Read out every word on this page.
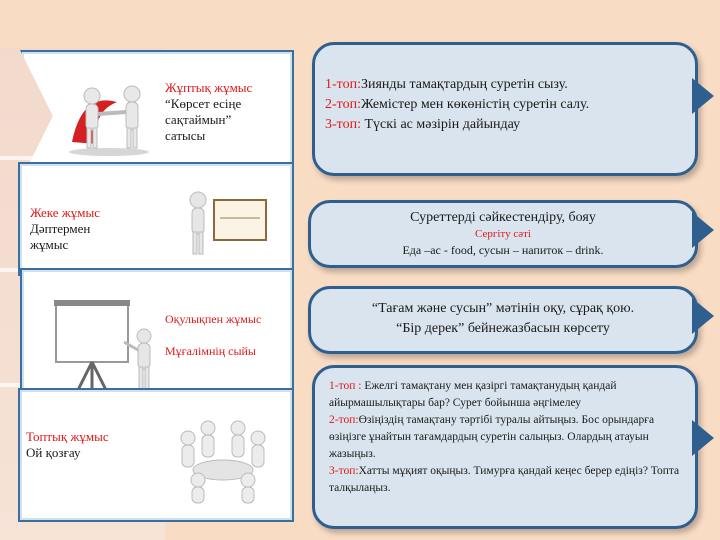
Жұптық жұмыс
“Көрсет есіңе
сақтаймын”
сатысы
Жеке жұмыс
Дәптермен
жұмыс
Оқулықпен жұмыс
Мұғалімнің сыйы
Топтық жұмыс
Ой қозғау

1-топ:Зиянды тамақтардың суретін сызу.

2-топ:Жемістер мен көкөністің суретін салу.

3-топ: Түскі ас мәзірін дайындау

Суреттерді сәйкестендіру, бояу
Сергіту сәті
Еда –ас - food, сусын – напиток – drink.
“Тағам және сусын” мәтінін оқу, сұрақ қою.
“Бір дерек” бейнежазбасын көрсету

1-топ : Ежелгі тамақтану мен қазіргі тамақтанудың қандай айырмашылықтары бар? Сурет бойынша әңгімелеу

2-топ:Өзіңіздің тамақтану тәртібі туралы айтыңыз. Бос орындарға өзіңізге ұнайтын тағамдардың суретін салыңыз. Олардың атауын жазыңыз.

3-топ:Хатты мұқият оқыңыз. Тимурға қандай кеңес берер едіңіз? Топта талқылаңыз.
